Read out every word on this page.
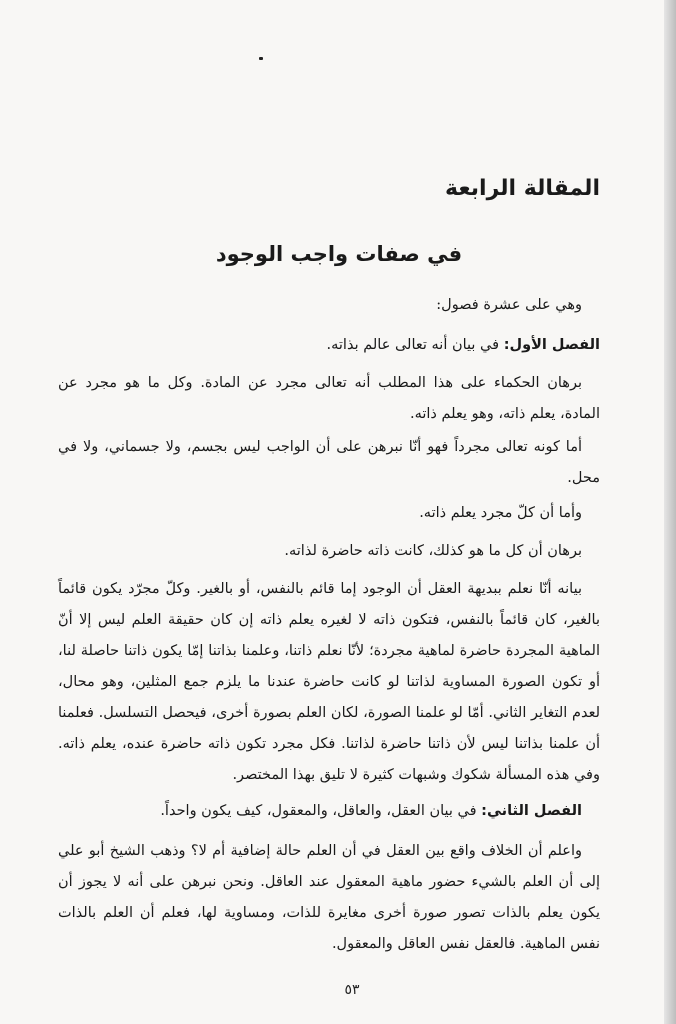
المقالة الرابعة
في صفات واجب الوجود

وهي على عشرة فصول:

الفصل الأول: في بيان أنه تعالى عالم بذاته.

برهان الحكماء على هذا المطلب أنه تعالى مجرد عن المادة. وكل ما هو مجرد عن المادة، يعلم ذاته، وهو يعلم ذاته.

أما كونه تعالى مجرداً فهو أنّا نبرهن على أن الواجب ليس بجسم، ولا جسماني، ولا في محل.

وأما أن كلّ مجرد يعلم ذاته.

برهان أن كل ما هو كذلك، كانت ذاته حاضرة لذاته.

بيانه أنّا نعلم ببديهة العقل أن الوجود إما قائم بالنفس، أو بالغير. وكلّ مجرّد يكون قائماً بالغير، كان قائماً بالنفس، فتكون ذاته لا لغيره يعلم ذاته إن كان حقيقة العلم ليس إلا أنّ الماهية المجردة حاضرة لماهية مجردة؛ لأنّا نعلم ذاتنا، وعلمنا بذاتنا إمّا يكون ذاتنا حاصلة لنا، أو تكون الصورة المساوية لذاتنا لو كانت حاضرة عندنا ما يلزم جمع المثلين، وهو محال، لعدم التغاير الثاني. أمّا لو علمنا الصورة، لكان العلم بصورة أخرى، فيحصل التسلسل. فعلمنا أن علمنا بذاتنا ليس لأن ذاتنا حاضرة لذاتنا. فكل مجرد تكون ذاته حاضرة عنده، يعلم ذاته. وفي هذه المسألة شكوك وشبهات كثيرة لا تليق بهذا المختصر.

الفصل الثاني: في بيان العقل، والعاقل، والمعقول، كيف يكون واحداً.

واعلم أن الخلاف واقع بين العقل في أن العلم حالة إضافية أم لا؟ وذهب الشيخ أبو علي إلى أن العلم بالشيء حضور ماهية المعقول عند العاقل. ونحن نبرهن على أنه لا يجوز أن يكون يعلم بالذات تصور صورة أخرى مغايرة للذات، ومساوية لها، فعلم أن العلم بالذات نفس الماهية. فالعقل نفس العاقل والمعقول.

٥٣
